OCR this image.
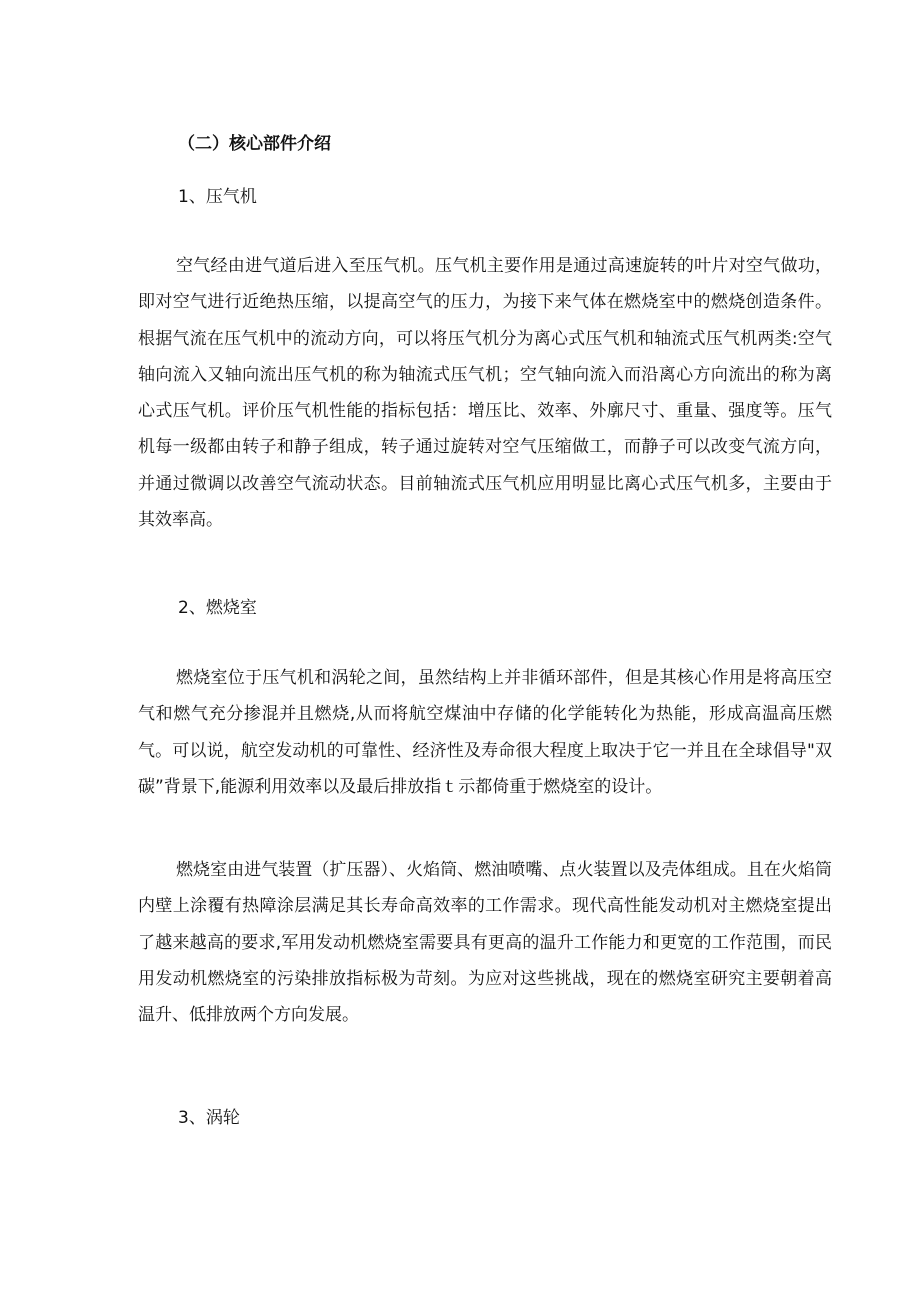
（二）核心部件介绍
1、压气机

空气经由进气道后进入至压气机。压气机主要作用是通过高速旋转的叶片对空气做功，即对空气进行近绝热压缩，以提高空气的压力，为接下来气体在燃烧室中的燃烧创造条件。根据气流在压气机中的流动方向，可以将压气机分为离心式压气机和轴流式压气机两类:空气轴向流入又轴向流出压气机的称为轴流式压气机；空气轴向流入而沿离心方向流出的称为离心式压气机。评价压气机性能的指标包括：增压比、效率、外廓尺寸、重量、强度等。压气机每一级都由转子和静子组成，转子通过旋转对空气压缩做工，而静子可以改变气流方向，并通过微调以改善空气流动状态。目前轴流式压气机应用明显比离心式压气机多，主要由于其效率高。

2、燃烧室

燃烧室位于压气机和涡轮之间，虽然结构上并非循环部件，但是其核心作用是将高压空气和燃气充分掺混并且燃烧,从而将航空煤油中存储的化学能转化为热能，形成高温高压燃气。可以说，航空发动机的可靠性、经济性及寿命很大程度上取决于它一并且在全球倡导"双碳”背景下,能源利用效率以及最后排放指ｔ示都倚重于燃烧室的设计。

燃烧室由进气装置（扩压器）、火焰筒、燃油喷嘴、点火装置以及壳体组成。且在火焰筒内壁上涂覆有热障涂层满足其长寿命高效率的工作需求。现代高性能发动机对主燃烧室提出了越来越高的要求,军用发动机燃烧室需要具有更高的温升工作能力和更宽的工作范围，而民用发动机燃烧室的污染排放指标极为苛刻。为应对这些挑战，现在的燃烧室研究主要朝着高温升、低排放两个方向发展。

3、涡轮
